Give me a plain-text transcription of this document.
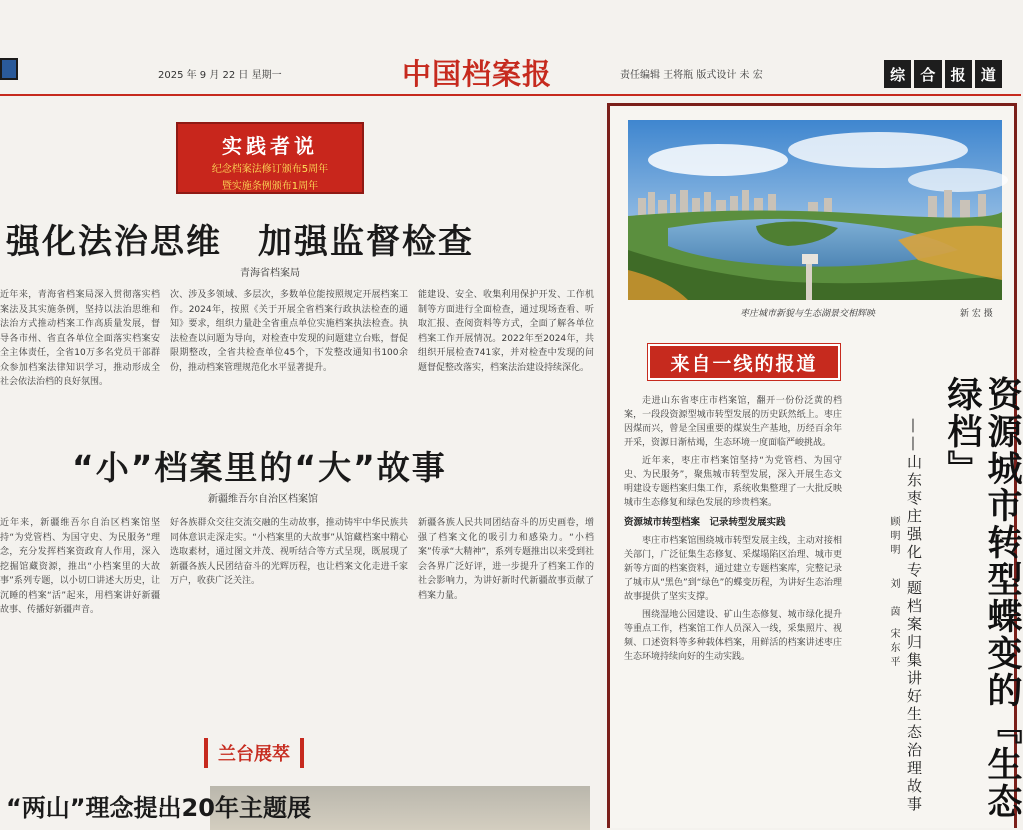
2025 年 9 月 22 日 星期一	中国档案报	责任编辑 王将瓶 版式设计 未 宏	综	合	报	道
实践者说
纪念档案法修订颁布5周年
暨实施条例颁布1周年
强化法治思维　加强监督检查
青海省档案局
近年来，青海省档案局深入贯彻落实档案法及其实施条例，坚持以法治思维和法治方式推动档案工作高质量发展，督导各市州、省直各单位全面落实档案安全主体责任，全省10万多名党员干部群众参加档案法律知识学习，推动形成全社会依法治档的良好氛围。
次、涉及多领域、多层次，多数单位能按照规定开展档案工作。2024年，按照《关于开展全省档案行政执法检查的通知》要求，组织力量赴全省重点单位实施档案执法检查。执法检查以问题为导向，对检查中发现的问题建立台账，督促限期整改，全省共检查单位45个，下发整改通知书100余份，推动档案管理规范化水平显著提升。
能建设、安全、收集利用保护开发、工作机制等方面进行全面检查，通过现场查看、听取汇报、查阅资料等方式，全面了解各单位档案工作开展情况。2022年至2024年，共组织开展检查741家，并对检查中发现的问题督促整改落实，档案法治建设持续深化。
“小”档案里的“大”故事
新疆维吾尔自治区档案馆
近年来，新疆维吾尔自治区档案馆坚持“为党管档、为国守史、为民服务”理念，充分发挥档案资政育人作用，深入挖掘馆藏资源，推出“小档案里的大故事”系列专题，以小切口讲述大历史，让沉睡的档案“活”起来，用档案讲好新疆故事、传播好新疆声音。
好各族群众交往交流交融的生动故事，推动铸牢中华民族共同体意识走深走实。“小档案里的大故事”从馆藏档案中精心选取素材，通过图文并茂、视听结合等方式呈现，既展现了新疆各族人民团结奋斗的光辉历程，也让档案文化走进千家万户，收获广泛关注。
新疆各族人民共同团结奋斗的历史画卷，增强了档案文化的吸引力和感染力。“小档案”传承“大精神”，系列专题推出以来受到社会各界广泛好评，进一步提升了档案工作的社会影响力，为讲好新时代新疆故事贡献了档案力量。
兰台展萃
“两山”理念提出20年主题展
枣庄城市新貌与生态湖景交相辉映	新 宏 摄
来自一线的报道

走进山东省枣庄市档案馆，翻开一份份泛黄的档案，一段段资源型城市转型发展的历史跃然纸上。枣庄因煤而兴，曾是全国重要的煤炭生产基地，历经百余年开采，资源日渐枯竭，生态环境一度面临严峻挑战。

近年来，枣庄市档案馆坚持“为党管档、为国守史、为民服务”，聚焦城市转型发展，深入开展生态文明建设专题档案归集工作，系统收集整理了一大批反映城市生态修复和绿色发展的珍贵档案。

资源城市转型档案　记录转型发展实践

枣庄市档案馆围绕城市转型发展主线，主动对接相关部门，广泛征集生态修复、采煤塌陷区治理、城市更新等方面的档案资料，通过建立专题档案库，完整记录了城市从“黑色”到“绿色”的蝶变历程，为讲好生态治理故事提供了坚实支撑。

围绕湿地公园建设、矿山生态修复、城市绿化提升等重点工作，档案馆工作人员深入一线，采集照片、视频、口述资料等多种载体档案，用鲜活的档案讲述枣庄生态环境持续向好的生动实践。

顾明明
刘　茵
宋东平 ——山东枣庄强化专题档案归集讲好生态治理故事	资源城市转型蝶变的『生态绿档』
